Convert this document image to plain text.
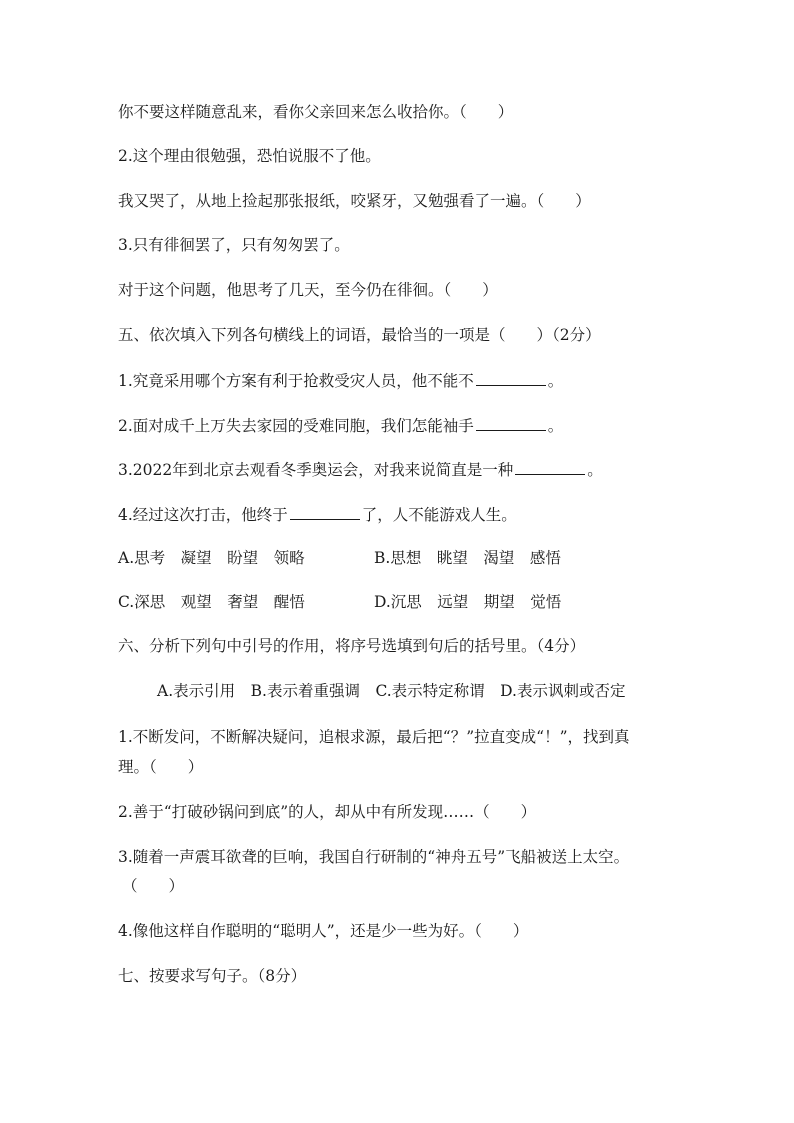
你不要这样随意乱来，看你父亲回来怎么收拾你。（　　）
2.这个理由很勉强，恐怕说服不了他。
我又哭了，从地上捡起那张报纸，咬紧牙，又勉强看了一遍。（　　）
3.只有徘徊罢了，只有匆匆罢了。
对于这个问题，他思考了几天，至今仍在徘徊。（　　）
五、依次填入下列各句横线上的词语，最恰当的一项是（　　）（2分）
1.究竟采用哪个方案有利于抢救受灾人员，他不能不	。
2.面对成千上万失去家园的受难同胞，我们怎能袖手	。
3.2022年到北京去观看冬季奥运会，对我来说简直是一种	。
4.经过这次打击，他终于	了，人不能游戏人生。
A.思考　凝望　盼望　领略	B.思想　眺望　渴望　感悟
C.深思　观望　奢望　醒悟	D.沉思　远望　期望　觉悟
六、分析下列句中引号的作用，将序号选填到句后的括号里。（4分）
A.表示引用　B.表示着重强调　C.表示特定称谓　D.表示讽刺或否定
1.不断发问，不断解决疑问，追根求源，最后把“？”拉直变成“！”，找到真
理。（　　）
2.善于“打破砂锅问到底”的人，却从中有所发现……（　　）
3.随着一声震耳欲聋的巨响，我国自行研制的“神舟五号”飞船被送上太空。
（　　）
4.像他这样自作聪明的“聪明人”，还是少一些为好。（　　）
七、按要求写句子。（8分）
